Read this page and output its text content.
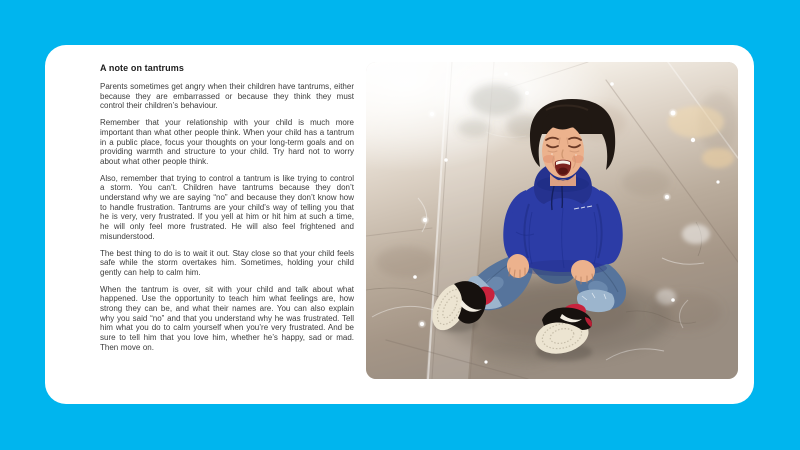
A note on tantrums

Parents sometimes get angry when their children have tantrums, either because they are embarrassed or because they think they must control their children’s behaviour.

Remember that your relationship with your child is much more important than what other people think. When your child has a tantrum in a public place, focus your thoughts on your long-term goals and on providing warmth and structure to your child. Try hard not to worry about what other people think.

Also, remember that trying to control a tantrum is like trying to control a storm. You can’t. Children have tantrums because they don’t understand why we are saying “no” and because they don’t know how to handle frustration. Tantrums are your child’s way of telling you that he is very, very frustrated. If you yell at him or hit him at such a time, he will only feel more frustrated. He will also feel frightened and misunderstood.

The best thing to do is to wait it out. Stay close so that your child feels safe while the storm overtakes him. Sometimes, holding your child gently can help to calm him.

When the tantrum is over, sit with your child and talk about what happened. Use the opportunity to teach him what feelings are, how strong they can be, and what their names are. You can also explain why you said “no” and that you understand why he was frustrated. Tell him what you do to calm yourself when you’re very frustrated. And be sure to tell him that you love him, whether he’s happy, sad or mad. Then move on.
